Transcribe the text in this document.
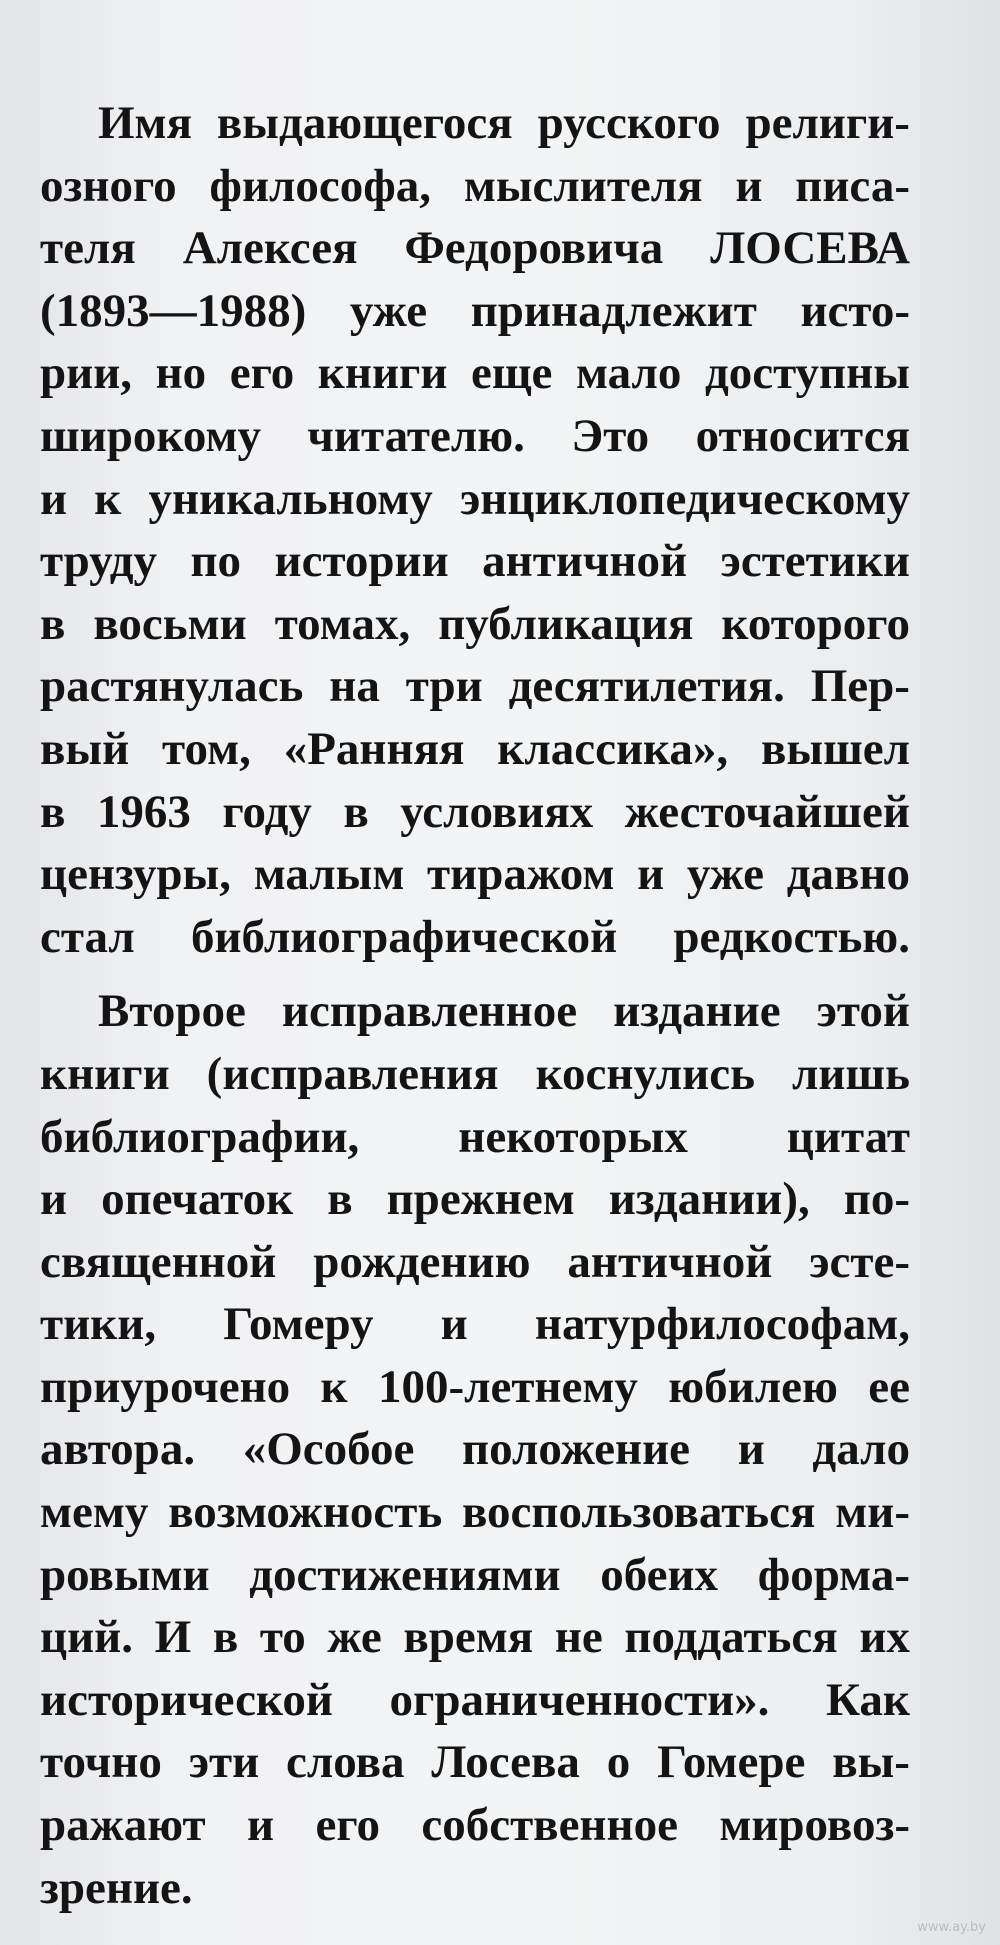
Имя выдающегося русского религи-
озного философа, мыслителя и писа-
теля Алексея Федоровича ЛОСЕВА
(1893—1988) уже принадлежит исто-
рии, но его книги еще мало доступны
широкому читателю. Это относится
и к уникальному энциклопедическому
труду по истории античной эстетики
в восьми томах, публикация которого
растянулась на три десятилетия. Пер-
вый том, «Ранняя классика», вышел
в 1963 году в условиях жесточайшей
цензуры, малым тиражом и уже давно
стал библиографической редкостью.
Второе исправленное издание этой
книги (исправления коснулись лишь
библиографии, некоторых цитат
и опечаток в прежнем издании), по-
священной рождению античной эсте-
тики, Гомеру и натурфилософам,
приурочено к 100-летнему юбилею ее
автора. «Особое положение и дало
мему возможность воспользоваться ми-
ровыми достижениями обеих форма-
ций. И в то же время не поддаться их
исторической ограниченности». Как
точно эти слова Лосева о Гомере вы-
ражают и его собственное мировоз-
зрение.
www.ay.by
